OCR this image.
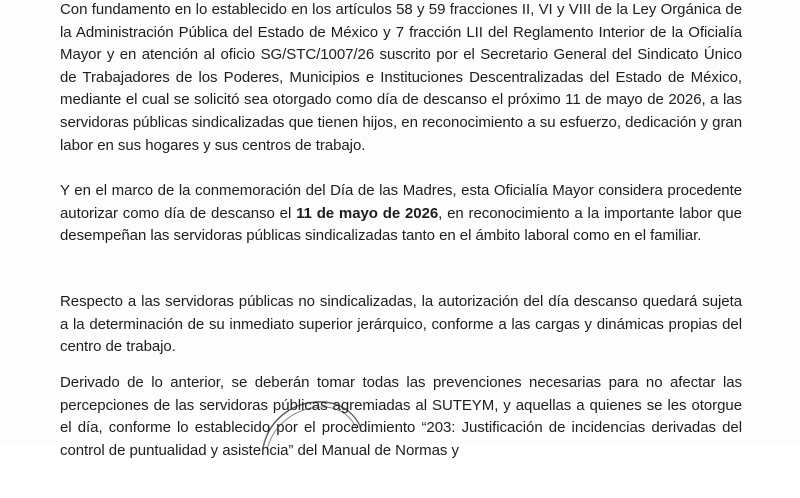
Con fundamento en lo establecido en los artículos 58 y 59 fracciones II, VI y VIII de la Ley Orgánica de la Administración Pública del Estado de México y 7 fracción LII del Reglamento Interior de la Oficialía Mayor y en atención al oficio SG/STC/1007/26 suscrito por el Secretario General del Sindicato Único de Trabajadores de los Poderes, Municipios e Instituciones Descentralizadas del Estado de México, mediante el cual se solicitó sea otorgado como día de descanso el próximo 11 de mayo de 2026, a las servidoras públicas sindicalizadas que tienen hijos, en reconocimiento a su esfuerzo, dedicación y gran labor en sus hogares y sus centros de trabajo.

Y en el marco de la conmemoración del Día de las Madres, esta Oficialía Mayor considera procedente autorizar como día de descanso el 11 de mayo de 2026, en reconocimiento a la importante labor que desempeñan las servidoras públicas sindicalizadas tanto en el ámbito laboral como en el familiar.

Respecto a las servidoras públicas no sindicalizadas, la autorización del día descanso quedará sujeta a la determinación de su inmediato superior jerárquico, conforme a las cargas y dinámicas propias del centro de trabajo.

Derivado de lo anterior, se deberán tomar todas las prevenciones necesarias para no afectar las percepciones de las servidoras públicas agremiadas al SUTEYM, y aquellas a quienes se les otorgue el día, conforme lo establecido por el procedimiento “203: Justificación de incidencias derivadas del control de puntualidad y asistencia” del Manual de Normas y
